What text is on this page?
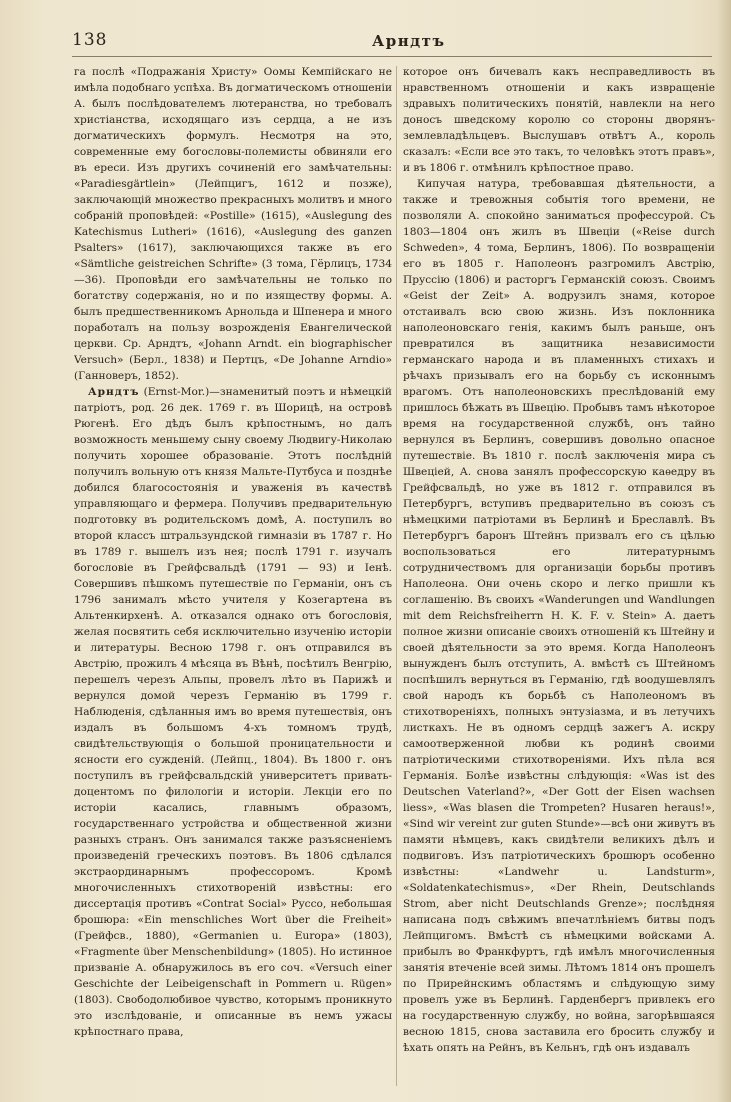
138	Арндтъ

га послѣ «Подражанія Христу» Оомы Кемпійскаго не имѣла подобнаго успѣха. Въ догматическомъ отношеніи А. былъ послѣдователемъ лютеранства, но требовалъ христіанства, исходящаго изъ сердца, а не изъ догматическихъ формулъ. Несмотря на это, современные ему богословы-полемисты обвиняли его въ ереси. Изъ другихъ сочиненій его замѣчательны: «Paradiesgärtlein» (Лейпцигъ, 1612 и позже), заключающій множество прекрасныхъ молитвъ и много собраній проповѣдей: «Postille» (1615), «Auslegung des Katechismus Lutheri» (1616), «Auslegung des ganzen Psalters» (1617), заключающихся также въ его «Sämtliche geistreichen Schrifte» (3 тома, Гёрлицъ, 1734—36). Проповѣди его замѣчательны не только по богатству содержанія, но и по изяществу формы. А. былъ предшественникомъ Арнольда и Шпенера и много поработалъ на пользу возрожденія Евангелической церкви. Ср. Арндтъ, «Johann Arndt. ein biographischer Versuch» (Берл., 1838) и Пертцъ, «De Johanne Arndio» (Ганноверъ, 1852).

Арндтъ (Ernst-Mor.)—знаменитый поэтъ и нѣмецкій патріотъ, род. 26 дек. 1769 г. въ Шорицѣ, на островѣ Рюгенѣ. Его дѣдъ былъ крѣпостнымъ, но далъ возможность меньшему сыну своему Людвигу-Николаю получить хорошее образованіе. Этотъ послѣдній получилъ вольную отъ князя Мальте-Путбуса и позднѣе добился благосостоянія и уваженія въ качествѣ управляющаго и фермера. Получивъ предварительную подготовку въ родительскомъ домѣ, А. поступилъ во второй классъ штральзундской гимназіи въ 1787 г. Но въ 1789 г. вышелъ изъ нея; послѣ 1791 г. изучалъ богословіе въ Грейфсвальдѣ (1791 — 93) и Іенѣ. Совершивъ пѣшкомъ путешествіе по Германіи, онъ съ 1796 занималъ мѣсто учителя у Козегартена въ Альтенкирхенѣ. А. отказался однако отъ богословія, желая посвятить себя исключительно изученію исторіи и литературы. Весною 1798 г. онъ отправился въ Австрію, прожилъ 4 мѣсяца въ Вѣнѣ, посѣтилъ Венгрію, перешелъ черезъ Альпы, провелъ лѣто въ Парижѣ и вернулся домой черезъ Германію въ 1799 г. Наблюденія, сдѣланныя имъ во время путешествія, онъ издалъ въ большомъ 4-хъ томномъ трудѣ, свидѣтельствующія о большой проницательности и ясности его сужденій. (Лейпц., 1804). Въ 1800 г. онъ поступилъ въ грейфсвальдскій университетъ привать-доцентомъ по филологіи и исторіи. Лекціи его по исторіи касались, главнымъ образомъ, государственнаго устройства и общественной жизни разныхъ странъ. Онъ занимался также разъясненіемъ произведеній греческихъ поэтовъ. Въ 1806 сдѣлался экстраординарнымъ профессоромъ. Кромѣ многочисленныхъ стихотвореній извѣстны: его диссертація противъ «Contrat Social» Руссо, небольшая брошюра: «Ein menschliches Wort über die Freiheit» (Грейфсв., 1880), «Germanien u. Europa» (1803), «Fragmente über Menschenbildung» (1805). Но истинное призваніе А. обнаружилось въ его соч. «Versuch einer Geschichte der Leibeigenschaft in Pommern u. Rügen» (1803). Свободолюбивое чувство, которымъ проникнуто это изслѣдованіе, и описанные въ немъ ужасы крѣпостнаго права,

которое онъ бичевалъ какъ несправедливость въ нравственномъ отношеніи и какъ извращеніе здравыхъ политическихъ понятій, навлекли на него доносъ шведскому королю со стороны дворянъ-землевладѣльцевъ. Выслушавъ отвѣтъ А., король сказалъ: «Если все это такъ, то человѣкъ этотъ правъ», и въ 1806 г. отмѣнилъ крѣпостное право.

Кипучая натура, требовавшая дѣятельности, а также и тревожныя событія того времени, не позволяли А. спокойно заниматься профессурой. Съ 1803—1804 онъ жилъ въ Швеціи («Reise durch Schweden», 4 тома, Берлинъ, 1806). По возвращеніи его въ 1805 г. Наполеонъ разгромилъ Австрію, Пруссію (1806) и расторгъ Германскій союзъ. Своимъ «Geist der Zeit» А. водрузилъ знамя, которое отстаивалъ всю свою жизнь. Изъ поклонника наполеоновскаго генія, какимъ былъ раньше, онъ превратился въ защитника независимости германскаго народа и въ пламенныхъ стихахъ и рѣчахъ призывалъ его на борьбу съ исконнымъ врагомъ. Отъ наполеоновскихъ преслѣдованій ему пришлось бѣжать въ Швецію. Пробывъ тамъ нѣкоторое время на государственной службѣ, онъ тайно вернулся въ Берлинъ, совершивъ довольно опасное путешествіе. Въ 1810 г. послѣ заключенія мира съ Швеціей, А. снова занялъ профессорскую каѳедру въ Грейфсвальдѣ, но уже въ 1812 г. отправился въ Петербургъ, вступивъ предварительно въ союзъ съ нѣмецкими патріотами въ Берлинѣ и Бреславлѣ. Въ Петербургъ баронъ Штейнъ призвалъ его съ цѣлью воспользоваться его литературнымъ сотрудничествомъ для организаціи борьбы противъ Наполеона. Они очень скоро и легко пришли къ соглашенію. Въ своихъ «Wanderungen und Wandlungen mit dem Reichsfreiherrn H. K. F. v. Stein» А. даетъ полное жизни описаніе своихъ отношеній къ Штейну и своей дѣятельности за это время. Когда Наполеонъ вынужденъ былъ отступить, А. вмѣстѣ съ Штейномъ поспѣшилъ вернуться въ Германію, гдѣ воодушевлялъ свой народъ къ борьбѣ съ Наполеономъ въ стихотвореніяхъ, полныхъ энтузіазма, и въ летучихъ листкахъ. Не въ одномъ сердцѣ зажегъ А. искру самоотверженной любви къ родинѣ своими патріотическими стихотвореніями. Ихъ пѣла вся Германія. Болѣе извѣстны слѣдующія: «Was ist des Deutschen Vaterland?», «Der Gott der Eisen wachsen liess», «Was blasen die Trompeten? Husaren heraus!», «Sind wir vereint zur guten Stunde»—всѣ они живутъ въ памяти нѣмцевъ, какъ свидѣтели великихъ дѣлъ и подвиговъ. Изъ патріотическихъ брошюръ особенно извѣстны: «Landwehr u. Landsturm», «Soldatenkatechismus», «Der Rhein, Deutschlands Strom, aber nicht Deutschlands Grenze»; послѣдняя написана подъ свѣжимъ впечатлѣніемъ битвы подъ Лейпцигомъ. Вмѣстѣ съ нѣмецкими войсками А. прибылъ во Франкфуртъ, гдѣ имѣлъ многочисленныя занятія втеченіе всей зимы. Лѣтомъ 1814 онъ прошелъ по Прирейнскимъ областямъ и слѣдующую зиму провелъ уже въ Берлинѣ. Гарденбергъ привлекъ его на государственную службу, но война, загорѣвшаяся весною 1815, снова заставила его бросить службу и ѣхать опять на Рейнъ, въ Кельнъ, гдѣ онъ издавалъ
